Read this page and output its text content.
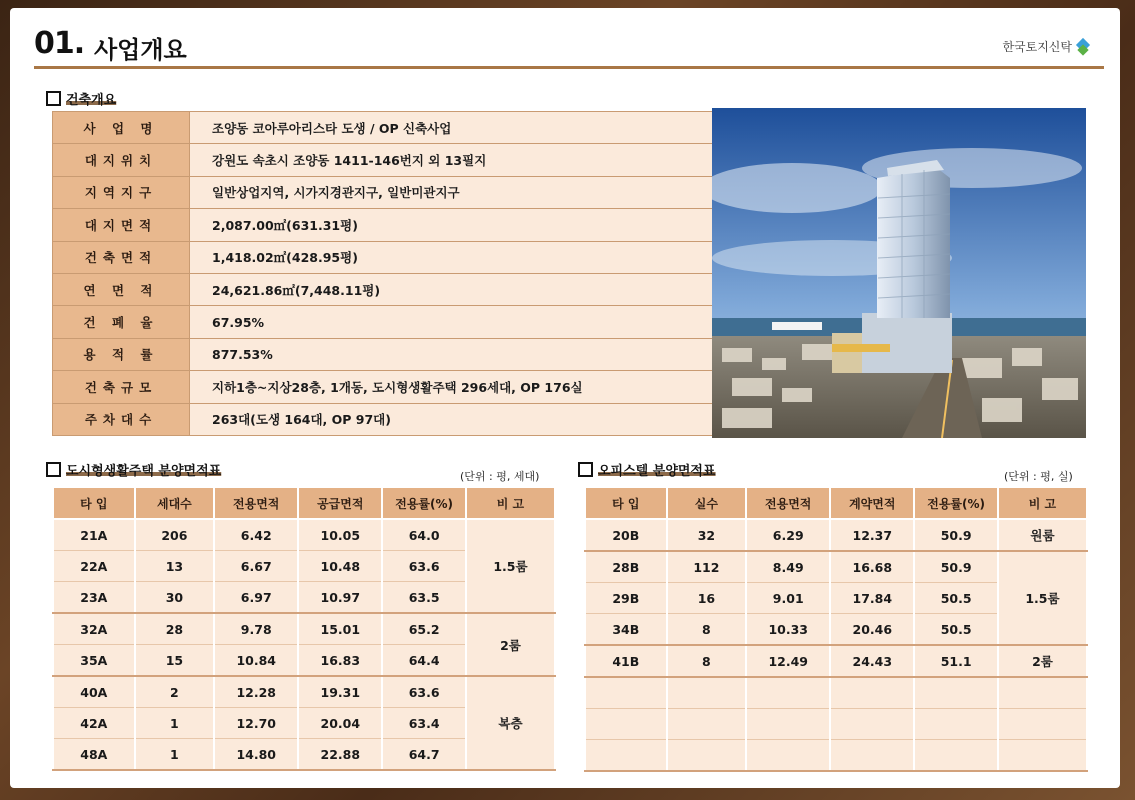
01. 사업개요	한국토지신탁
건축개요
사 업 명	조양동 코아루아리스타 도생 / OP 신축사업
대지위치	강원도 속초시 조양동 1411-146번지 외 13필지
지역지구	일반상업지역, 시가지경관지구, 일반미관지구
대지면적	2,087.00㎡(631.31평)
건축면적	1,418.02㎡(428.95평)
연 면 적	24,621.86㎡(7,448.11평)
건 폐 율	67.95%
용 적 률	877.53%
건축규모	지하1층~지상28층, 1개동, 도시형생활주택 296세대, OP 176실
주차대수	263대(도생 164대, OP 97대)
도시형생활주택 분양면적표	(단위 : 평, 세대)
타 입	세대수	전용면적	공급면적	전용률(%)	비 고
21A	206	6.42	10.05	64.0	1.5룸
22A	13	6.67	10.48	63.6	
23A	30	6.97	10.97	63.5	
32A	28	9.78	15.01	65.2	2룸
35A	15	10.84	16.83	64.4	
40A	2	12.28	19.31	63.6	복층
42A	1	12.70	20.04	63.4	
48A	1	14.80	22.88	64.7	
오피스텔 분양면적표	(단위 : 평, 실)
타 입	실수	전용면적	계약면적	전용률(%)	비 고
20B	32	6.29	12.37	50.9	원룸
28B	112	8.49	16.68	50.9	1.5룸
29B	16	9.01	17.84	50.5	
34B	8	10.33	20.46	50.5	
41B	8	12.49	24.43	51.1	2룸
